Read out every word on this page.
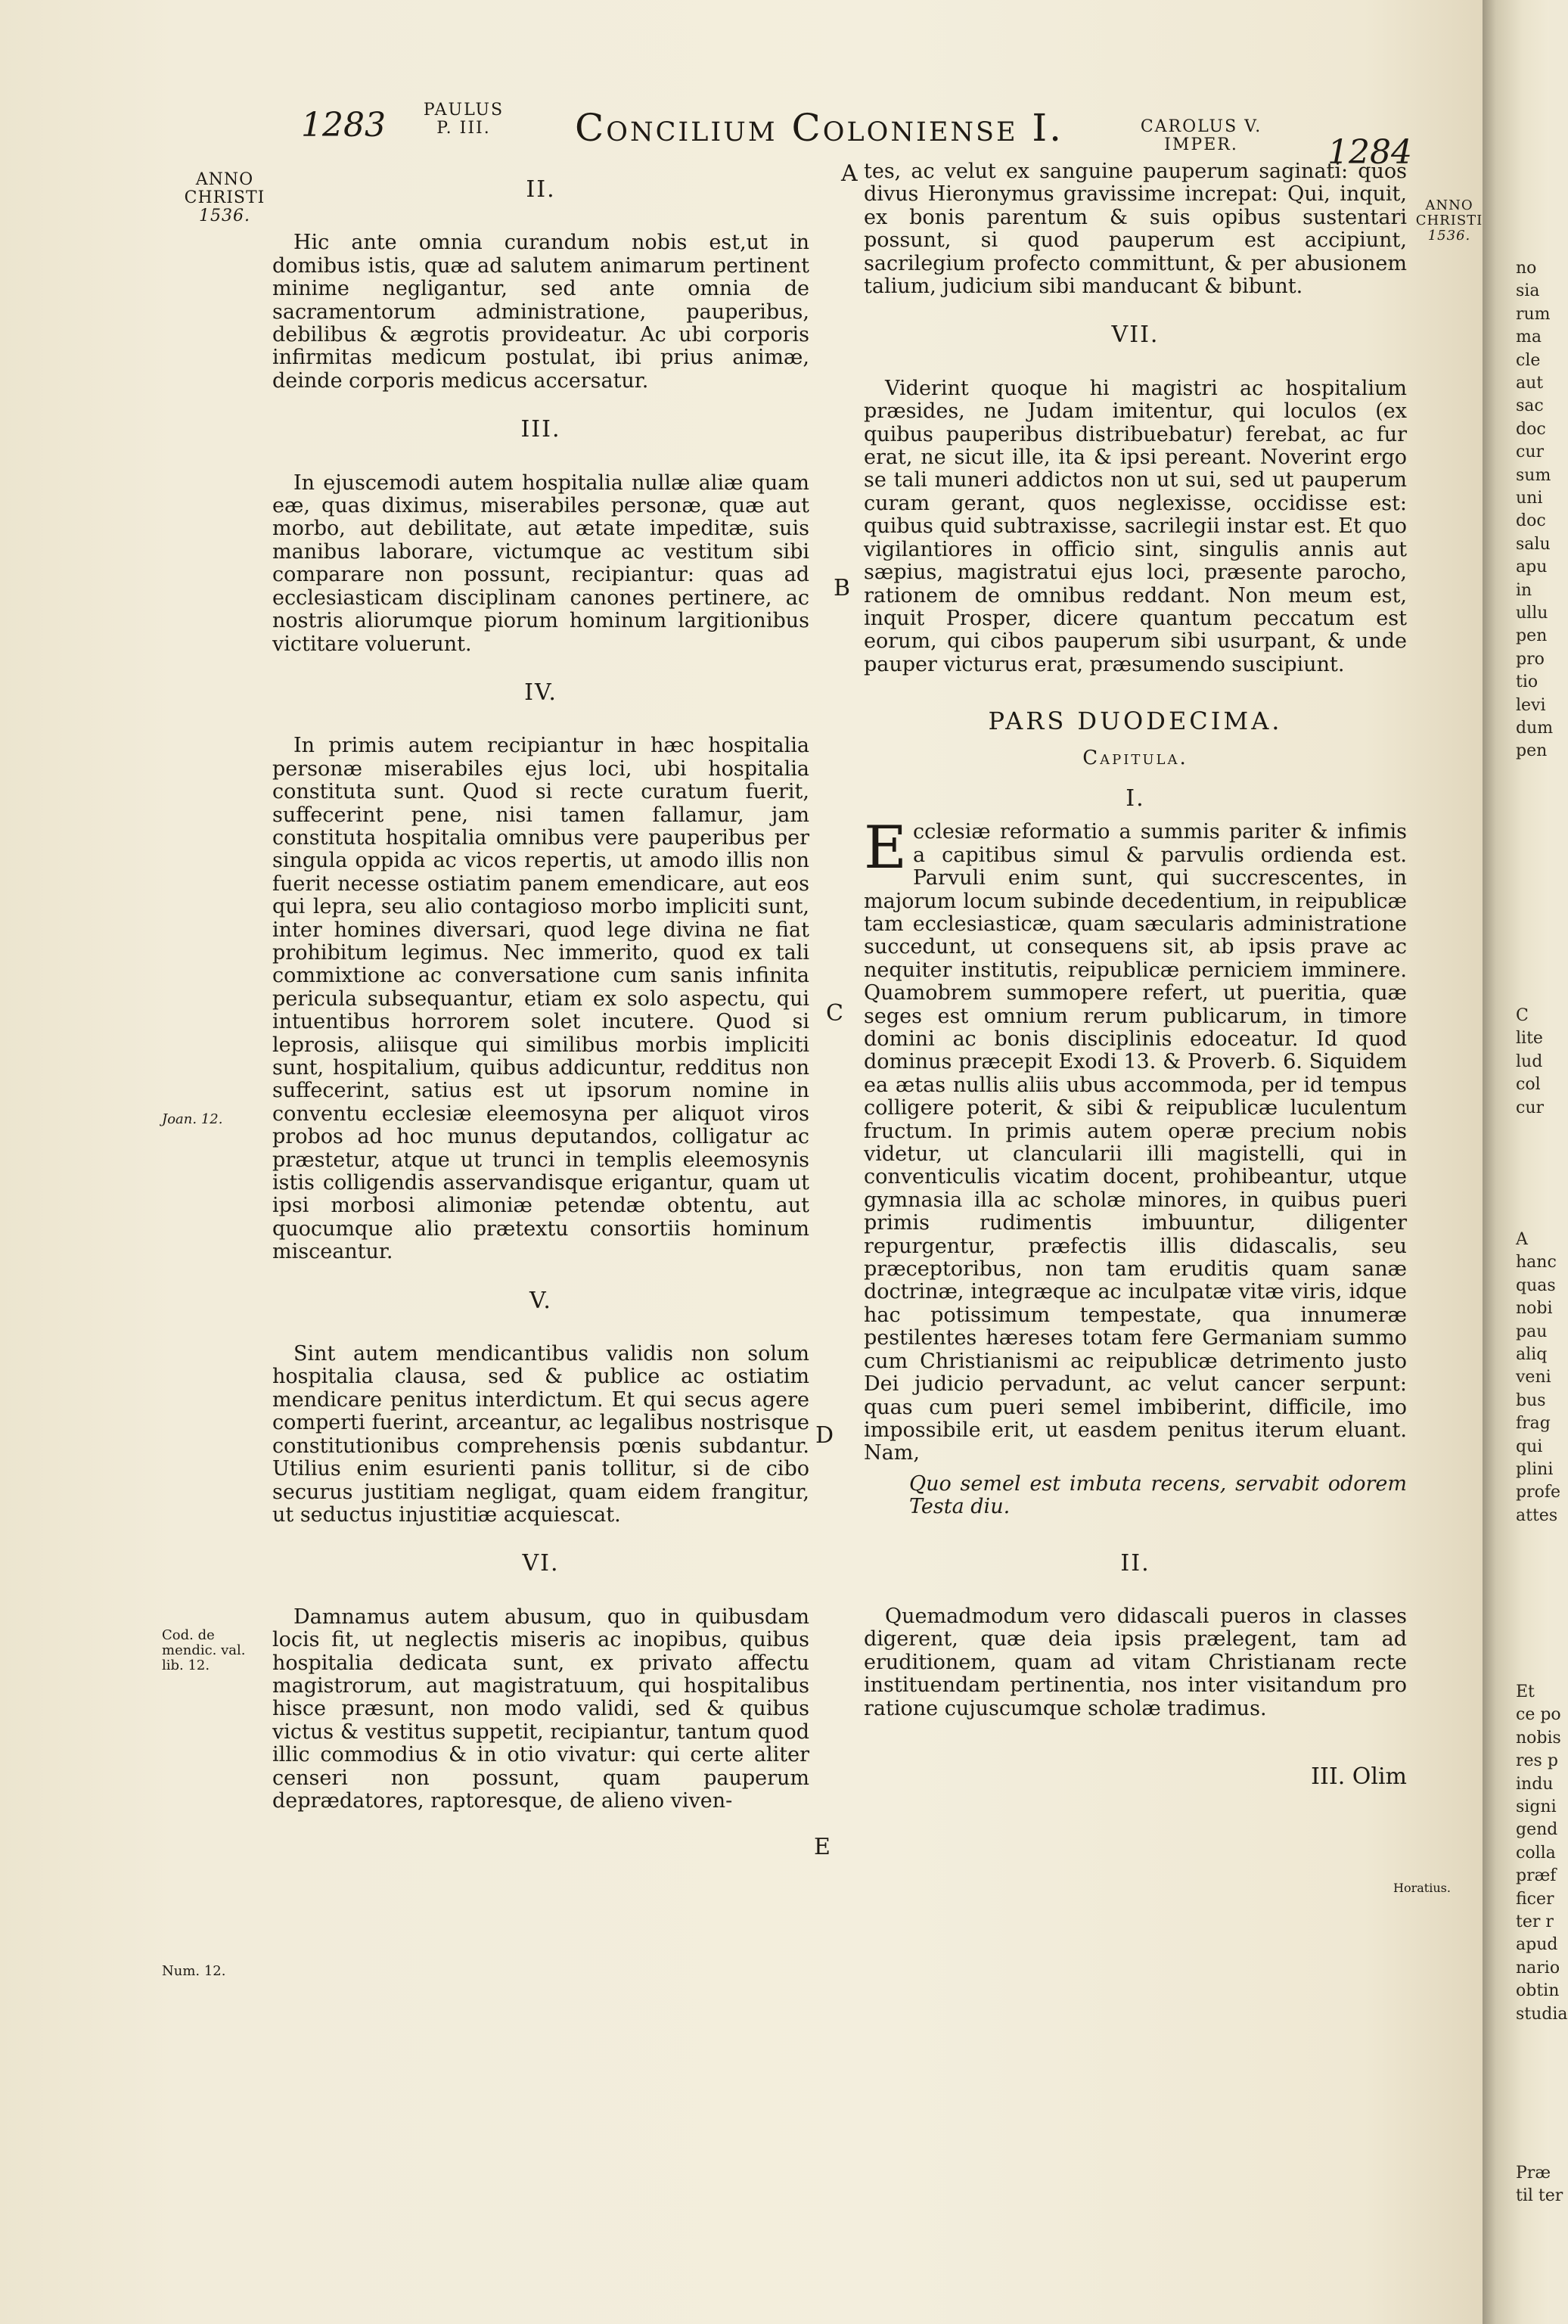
1283	PAULUS
P. III.	Concilium Coloniense I.	CAROLUS V.
IMPER.	1284
ANNO
CHRISTI
1536.
ANNO
CHRISTI
1536.
Joan. 12.
Cod. de mendic. val. lib. 12.
Num. 12.
Horatius.
A
B
C
D
E
II.

Hic ante omnia curandum nobis est,ut in domibus istis, quæ ad salutem animarum pertinent minime negligantur, sed ante omnia de sacramentorum administratione, pauperibus, debilibus & ægrotis provideatur. Ac ubi corporis infirmitas medicum postulat, ibi prius animæ, deinde corporis medicus accersatur.

III.

In ejuscemodi autem hospitalia nullæ aliæ quam eæ, quas diximus, miserabiles personæ, quæ aut morbo, aut debilitate, aut ætate impeditæ, suis manibus laborare, victumque ac vestitum sibi comparare non possunt, recipiantur: quas ad ecclesiasticam disciplinam canones pertinere, ac nostris aliorumque piorum hominum largitionibus victitare voluerunt.

IV.

In primis autem recipiantur in hæc hospitalia personæ miserabiles ejus loci, ubi hospitalia constituta sunt. Quod si recte curatum fuerit, suffecerint pene, nisi tamen fallamur, jam constituta hospitalia omnibus vere pauperibus per singula oppida ac vicos repertis, ut amodo illis non fuerit necesse ostiatim panem emendicare, aut eos qui lepra, seu alio contagioso morbo impliciti sunt, inter homines diversari, quod lege divina ne fiat prohibitum legimus. Nec immerito, quod ex tali commixtione ac conversatione cum sanis infinita pericula subsequantur, etiam ex solo aspectu, qui intuentibus horrorem solet incutere. Quod si leprosis, aliisque qui similibus morbis impliciti sunt, hospitalium, quibus addicuntur, redditus non suffecerint, satius est ut ipsorum nomine in conventu ecclesiæ eleemosyna per aliquot viros probos ad hoc munus deputandos, colligatur ac præstetur, atque ut trunci in templis eleemosynis istis colligendis asservandisque erigantur, quam ut ipsi morbosi alimoniæ petendæ obtentu, aut quocumque alio prætextu consortiis hominum misceantur.

V.

Sint autem mendicantibus validis non solum hospitalia clausa, sed & publice ac ostiatim mendicare penitus interdictum. Et qui secus agere comperti fuerint, arceantur, ac legalibus nostrisque constitutionibus comprehensis pœnis subdantur. Utilius enim esurienti panis tollitur, si de cibo securus justitiam negligat, quam eidem frangitur, ut seductus injustitiæ acquiescat.

VI.

Damnamus autem abusum, quo in quibusdam locis fit, ut neglectis miseris ac inopibus, quibus hospitalia dedicata sunt, ex privato affectu magistrorum, aut magistratuum, qui hospitalibus hisce præsunt, non modo validi, sed & quibus victus & vestitus suppetit, recipiantur, tantum quod illic commodius & in otio vivatur: qui certe aliter censeri non possunt, quam pauperum deprædatores, raptoresque, de alieno viven-

tes, ac velut ex sanguine pauperum saginati: quos divus Hieronymus gravissime increpat: Qui, inquit, ex bonis parentum & suis opibus sustentari possunt, si quod pauperum est accipiunt, sacrilegium profecto committunt, & per abusionem talium, judicium sibi manducant & bibunt.

VII.

Viderint quoque hi magistri ac hospitalium præsides, ne Judam imitentur, qui loculos (ex quibus pauperibus distribuebatur) ferebat, ac fur erat, ne sicut ille, ita & ipsi pereant. Noverint ergo se tali muneri addictos non ut sui, sed ut pauperum curam gerant, quos neglexisse, occidisse est: quibus quid subtraxisse, sacrilegii instar est. Et quo vigilantiores in officio sint, singulis annis aut sæpius, magistratui ejus loci, præsente parocho, rationem de omnibus reddant. Non meum est, inquit Prosper, dicere quantum peccatum est eorum, qui cibos pauperum sibi usurpant, & unde pauper victurus erat, præsumendo suscipiunt.

PARS DUODECIMA.
Capitula.
I.

Ecclesiæ reformatio a summis pariter & infimis a capitibus simul & parvulis ordienda est. Parvuli enim sunt, qui succrescentes, in majorum locum subinde decedentium, in reipublicæ tam ecclesiasticæ, quam sæcularis administratione succedunt, ut consequens sit, ab ipsis prave ac nequiter institutis, reipublicæ perniciem imminere. Quamobrem summopere refert, ut pueritia, quæ seges est omnium rerum publicarum, in timore domini ac bonis disciplinis edoceatur. Id quod dominus præcepit Exodi 13. & Proverb. 6. Siquidem ea ætas nullis aliis ubus accommoda, per id tempus colligere poterit, & sibi & reipublicæ luculentum fructum. In primis autem operæ precium nobis videtur, ut clancularii illi magistelli, qui in conventiculis vicatim docent, prohibeantur, utque gymnasia illa ac scholæ minores, in quibus pueri primis rudimentis imbuuntur, diligenter repurgentur, præfectis illis didascalis, seu præceptoribus, non tam eruditis quam sanæ doctrinæ, integræque ac inculpatæ vitæ viris, idque hac potissimum tempestate, qua innumeræ pestilentes hæreses totam fere Germaniam summo cum Christianismi ac reipublicæ detrimento justo Dei judicio pervadunt, ac velut cancer serpunt: quas cum pueri semel imbiberint, difficile, imo impossibile erit, ut easdem penitus iterum eluant. Nam,

Quo semel est imbuta recens, servabit odorem Testa diu.

II.

Quemadmodum vero didascali pueros in classes digerent, quæ deia ipsis prælegent, tam ad eruditionem, quam ad vitam Christianam recte instituendam pertinentia, nos inter visitandum pro ratione cujuscumque scholæ tradimus.

III. Olim
no
sia
rum
ma
cle
aut
sac
doc
cur
sum
uni
doc
salu
apu
in
ullu
pen
pro
tio
levi
dum
pen
C
lite
lud
col
cur
A
hanc
quas
nobi
pau
aliq
veni
bus
frag
qui
plini
profe
attes
Et
ce po
nobis
res p
indu
signi
gend
colla
præf
ficer
ter r
apud
nario
obtin
studia
Præ
til ter
